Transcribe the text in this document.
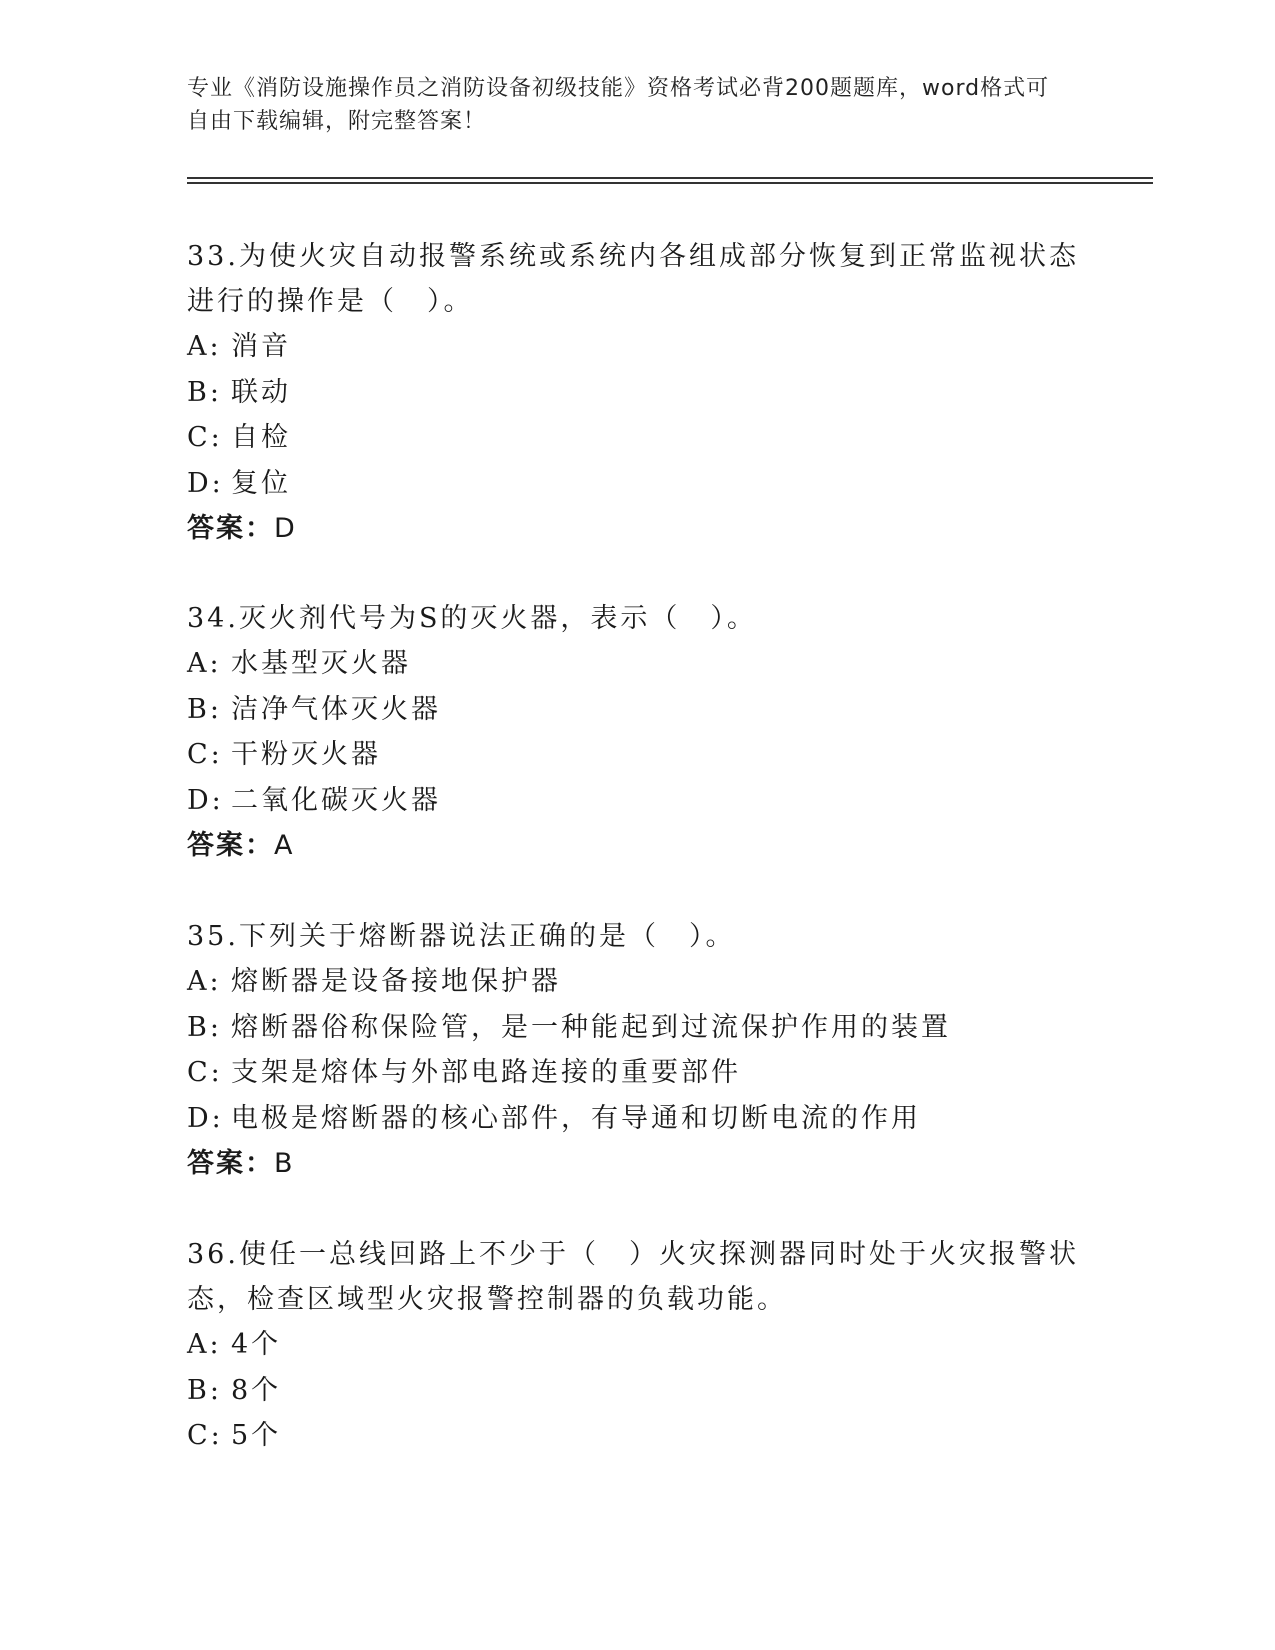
专业《消防设施操作员之消防设备初级技能》资格考试必背200题题库，word格式可自由下载编辑，附完整答案！

33.为使火灾自动报警系统或系统内各组成部分恢复到正常监视状态进行的操作是（　）。

A: 消音

B: 联动

C: 自检

D: 复位

答案：D

34.灭火剂代号为S的灭火器，表示（　）。

A: 水基型灭火器

B: 洁净气体灭火器

C: 干粉灭火器

D: 二氧化碳灭火器

答案：A

35.下列关于熔断器说法正确的是（　）。

A: 熔断器是设备接地保护器

B: 熔断器俗称保险管，是一种能起到过流保护作用的装置

C: 支架是熔体与外部电路连接的重要部件

D: 电极是熔断器的核心部件，有导通和切断电流的作用

答案：B

36.使任一总线回路上不少于（　）火灾探测器同时处于火灾报警状态，检查区域型火灾报警控制器的负载功能。

A: 4个

B: 8个

C: 5个
